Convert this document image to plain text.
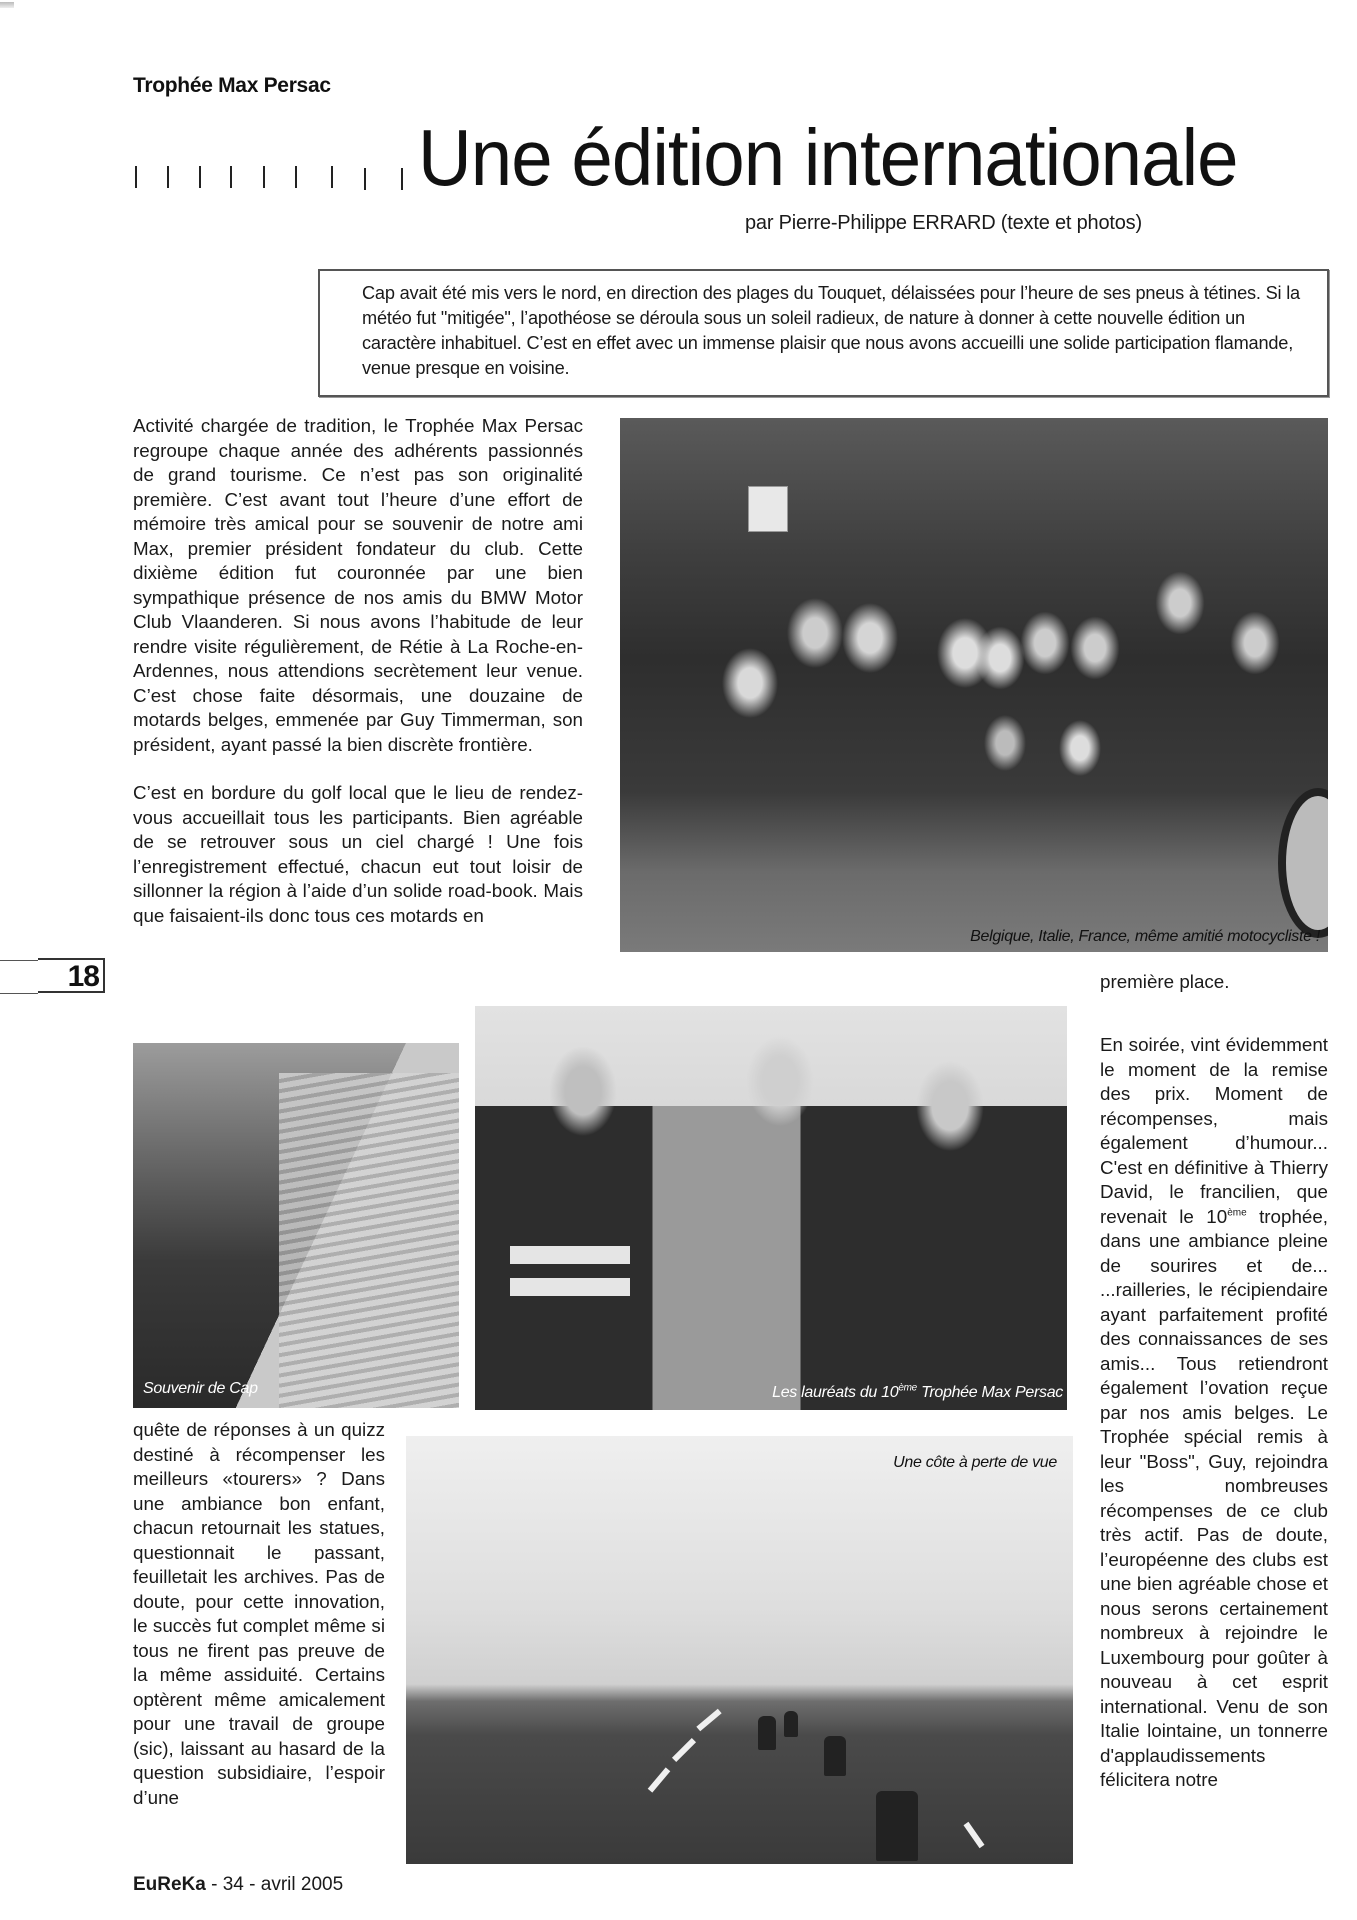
Trophée Max Persac
Une édition internationale
par Pierre-Philippe ERRARD (texte et photos)

Cap avait été mis vers le nord, en direction des plages du Touquet, délaissées pour l’heure de ses pneus à tétines. Si la météo fut "mitigée", l’apothéose se déroula sous un soleil radieux, de nature à donner à cette nouvelle édition un caractère inhabituel. C’est en effet avec un immense plaisir que nous avons accueilli une solide participation flamande, venue presque en voisine.

Activité chargée de tradition, le Trophée Max Persac regroupe chaque année des adhérents passionnés de grand tourisme. Ce n’est pas son originalité première. C’est avant tout l’heure d’une effort de mémoire très amical pour se souvenir de notre ami Max, premier président fondateur du club. Cette dixième édition fut couronnée par une bien sympathique présence de nos amis du BMW Motor Club Vlaanderen. Si nous avons l’habitude de leur rendre visite régulièrement, de Rétie à La Roche-en-Ardennes, nous attendions secrètement leur venue. C’est chose faite désormais, une douzaine de motards belges, emmenée par Guy Timmerman, son président, ayant passé la bien discrète frontière.

C’est en bordure du golf local que le lieu de rendez-vous accueillait tous les participants. Bien agréable de se retrouver sous un ciel chargé ! Une fois l’enregistrement effectué, chacun eut tout loisir de sillonner la région à l’aide d’un solide road-book. Mais que faisaient-ils donc tous ces motards en

Belgique, Italie, France, même amitié motocycliste !
18	première place.

Souvenir de Cap	Les lauréats du 10ème Trophée Max Persac

En soirée, vint évidemment le moment de la remise des prix. Moment de récompenses, mais également d’humour... C'est en définitive à Thierry David, le francilien, que revenait le 10ème trophée, dans une ambiance pleine de sourires et de... ...railleries, le récipiendaire ayant parfaitement profité des connaissances de ses amis... Tous retiendront également l’ovation reçue par nos amis belges. Le Trophée spécial remis à leur "Boss", Guy, rejoindra les nombreuses récompenses de ce club très actif. Pas de doute, l’européenne des clubs est une bien agréable chose et nous serons certainement nombreux à rejoindre le Luxembourg pour goûter à nouveau à cet esprit international. Venu de son Italie lointaine, un tonnerre d'applaudissements félicitera notre

quête de réponses à un quizz destiné à récompenser les meilleurs «tourers» ? Dans une ambiance bon enfant, chacun retournait les statues, questionnait le passant, feuilletait les archives. Pas de doute, pour cette innovation, le succès fut complet même si tous ne firent pas preuve de la même assiduité. Certains optèrent même amicalement pour une travail de groupe (sic), laissant au hasard de la question subsidiaire, l’espoir d’une

Une côte à perte de vue
EuReKa - 34 - avril 2005
